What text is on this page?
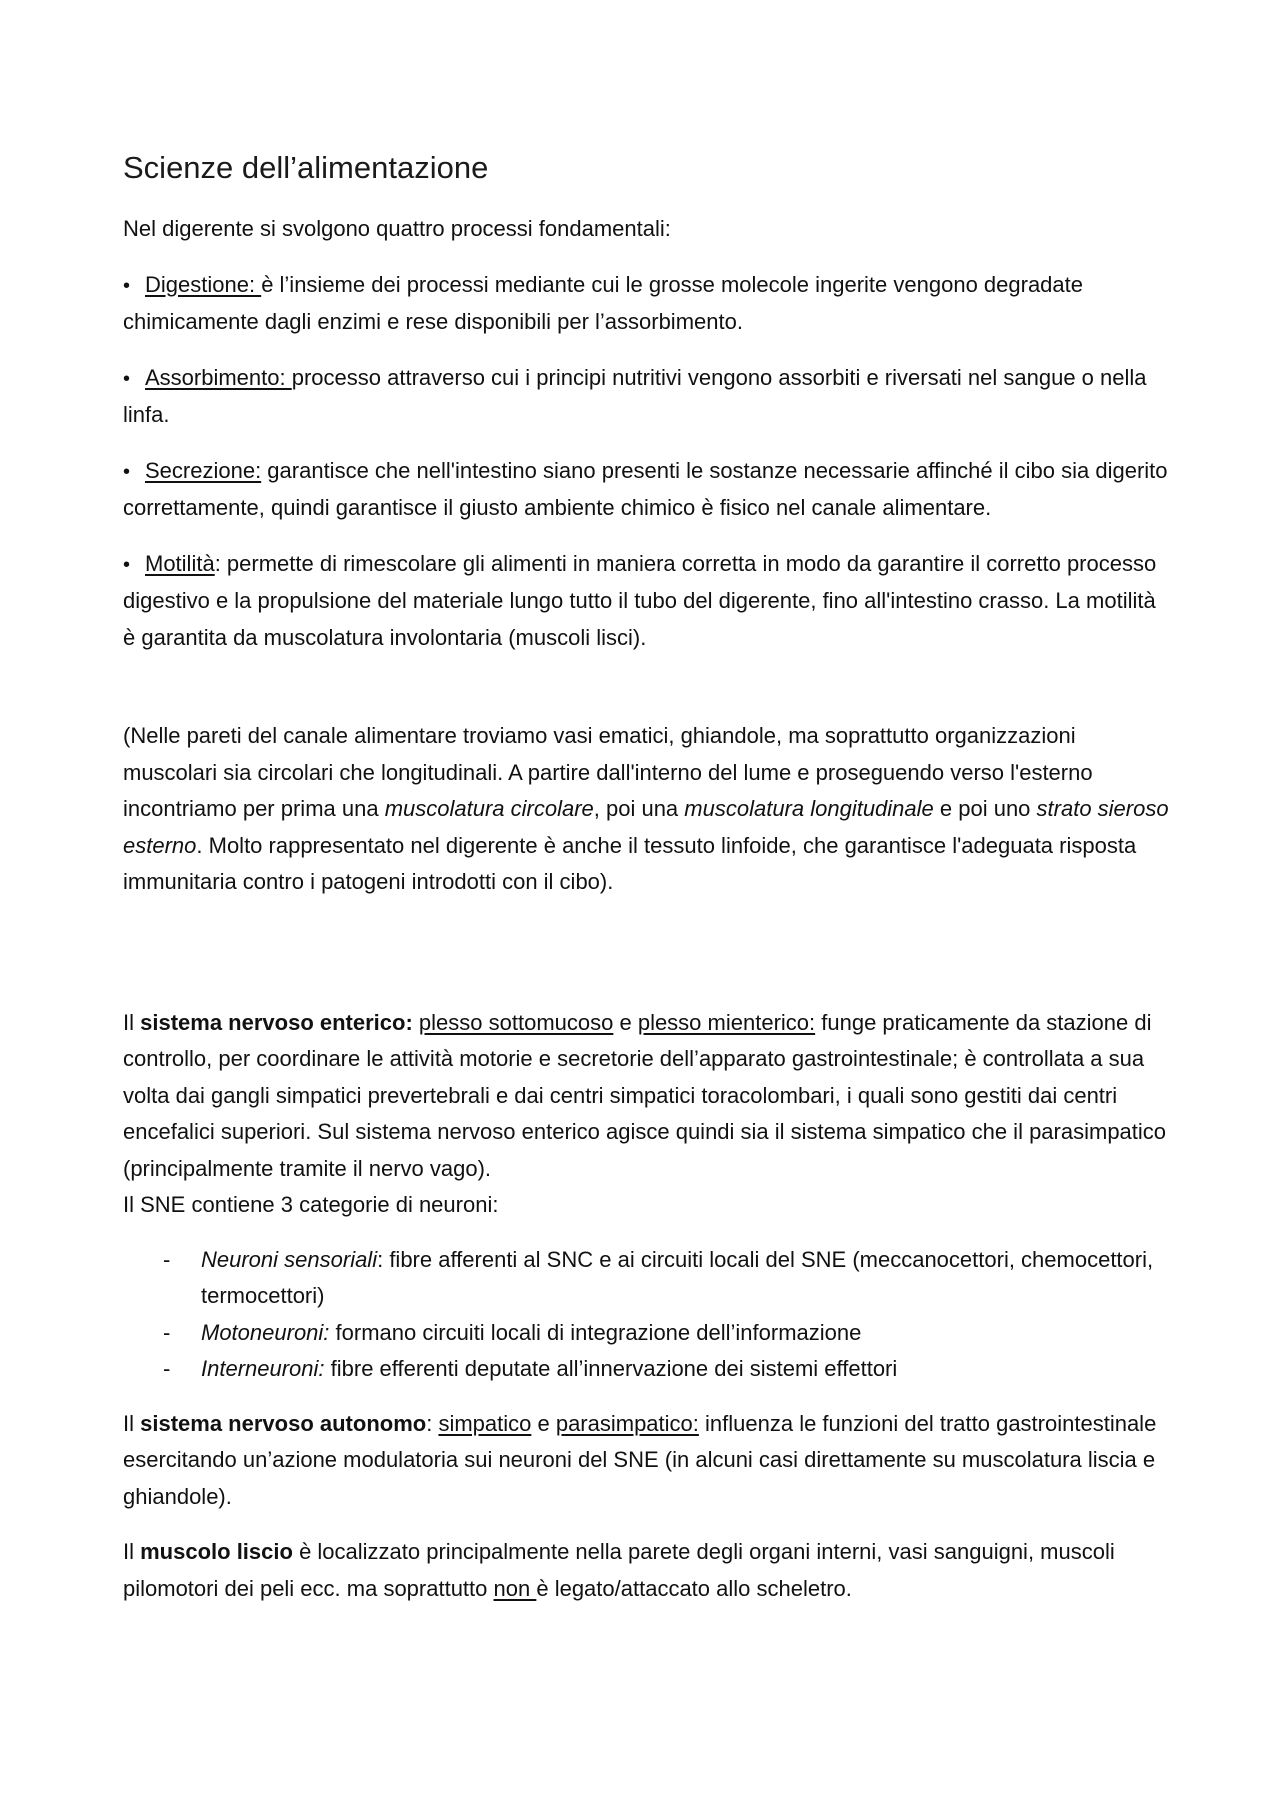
Scienze dell’alimentazione

Nel digerente si svolgono quattro processi fondamentali:

• Digestione: è l’insieme dei processi mediante cui le grosse molecole ingerite vengono degradate chimicamente dagli enzimi e rese disponibili per l’assorbimento.

• Assorbimento: processo attraverso cui i principi nutritivi vengono assorbiti e riversati nel sangue o nella linfa.

• Secrezione: garantisce che nell'intestino siano presenti le sostanze necessarie affinché il cibo sia digerito correttamente, quindi garantisce il giusto ambiente chimico è fisico nel canale alimentare.

• Motilità: permette di rimescolare gli alimenti in maniera corretta in modo da garantire il corretto processo digestivo e la propulsione del materiale lungo tutto il tubo del digerente, fino all'intestino crasso. La motilità è garantita da muscolatura involontaria (muscoli lisci).

(Nelle pareti del canale alimentare troviamo vasi ematici, ghiandole, ma soprattutto organizzazioni muscolari sia circolari che longitudinali. A partire dall'interno del lume e proseguendo verso l'esterno incontriamo per prima una muscolatura circolare, poi una muscolatura longitudinale e poi uno strato sieroso esterno. Molto rappresentato nel digerente è anche il tessuto linfoide, che garantisce l'adeguata risposta immunitaria contro i patogeni introdotti con il cibo).

Il sistema nervoso enterico: plesso sottomucoso e plesso mienterico: funge praticamente da stazione di controllo, per coordinare le attività motorie e secretorie dell’apparato gastrointestinale; è controllata a sua volta dai gangli simpatici prevertebrali e dai centri simpatici toracolombari, i quali sono gestiti dai centri encefalici superiori. Sul sistema nervoso enterico agisce quindi sia il sistema simpatico che il parasimpatico (principalmente tramite il nervo vago).
Il SNE contiene 3 categorie di neuroni:

- Neuroni sensoriali: fibre afferenti al SNC e ai circuiti locali del SNE (meccanocettori, chemocettori, termocettori)
- Motoneuroni: formano circuiti locali di integrazione dell’informazione
- Interneuroni: fibre efferenti deputate all’innervazione dei sistemi effettori

Il sistema nervoso autonomo: simpatico e parasimpatico: influenza le funzioni del tratto gastrointestinale esercitando un’azione modulatoria sui neuroni del SNE (in alcuni casi direttamente su muscolatura liscia e ghiandole).

Il muscolo liscio è localizzato principalmente nella parete degli organi interni, vasi sanguigni, muscoli pilomotori dei peli ecc. ma soprattutto non è legato/attaccato allo scheletro.
